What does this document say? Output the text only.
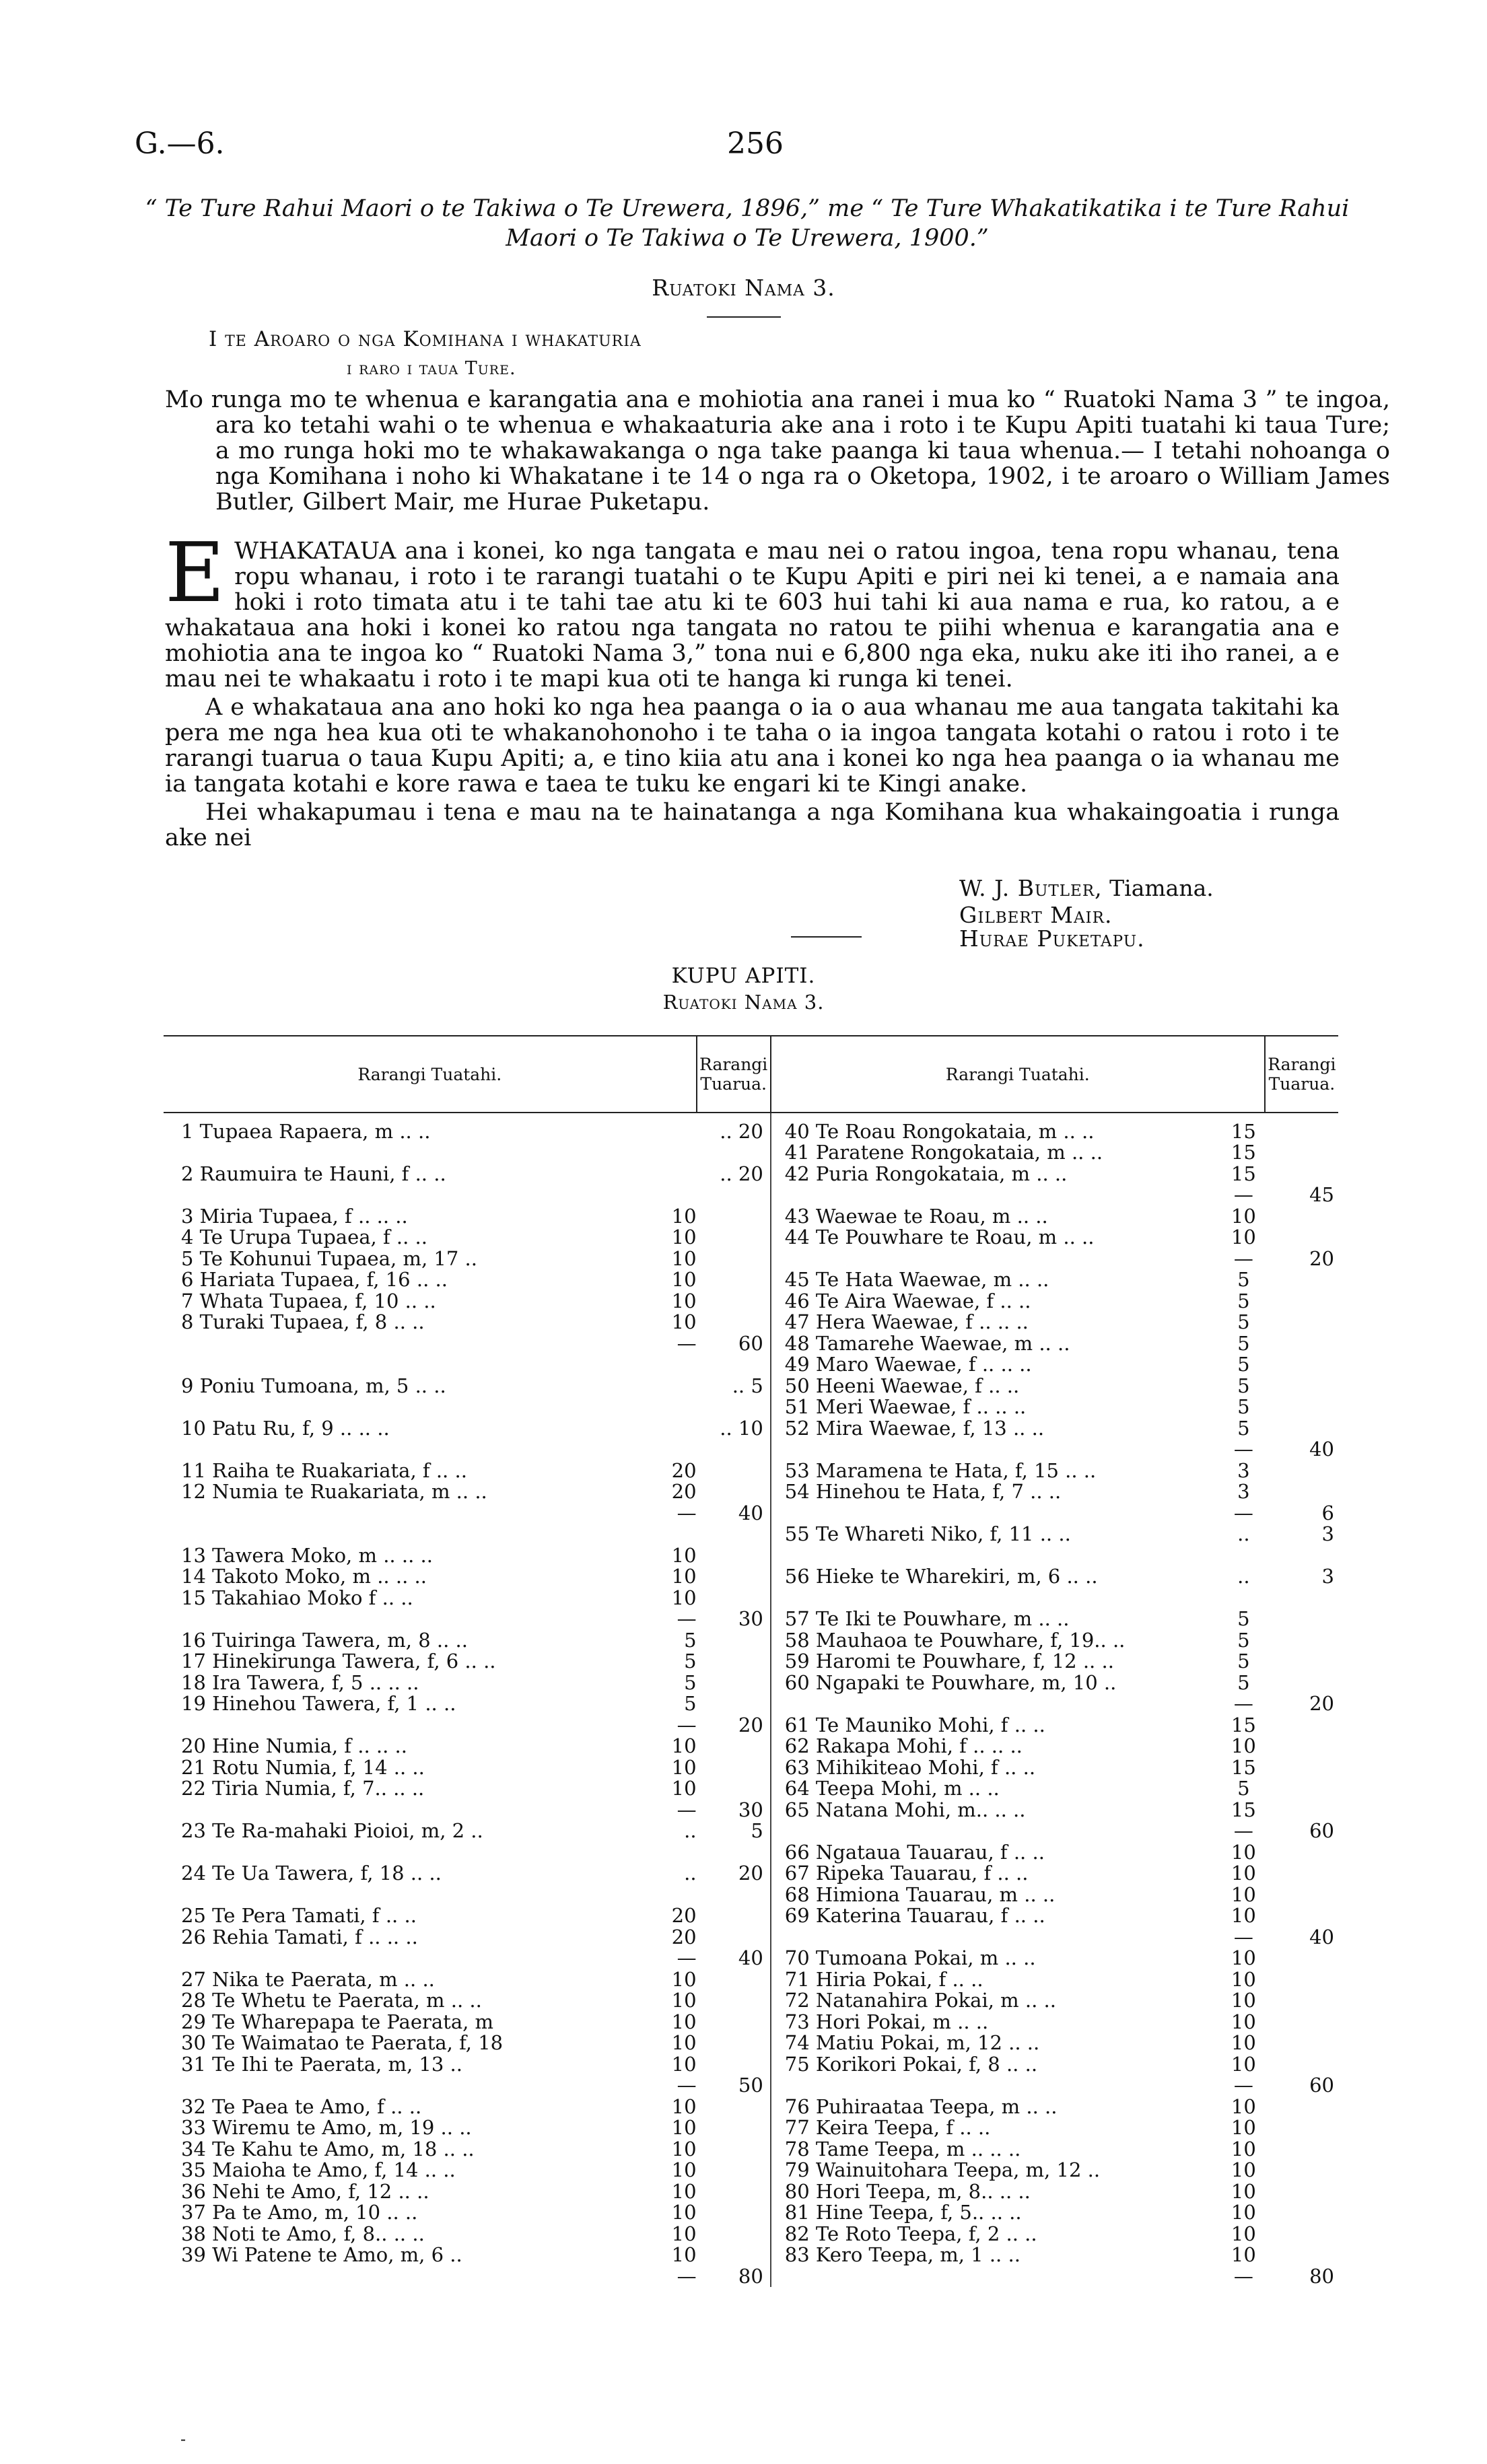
G.—6.	256
“ Te Ture Rahui Maori o te Takiwa o Te Urewera, 1896,” me “ Te Ture Whakatikatika i te Ture Rahui Maori o Te Takiwa o Te Urewera, 1900.”
Ruatoki Nama 3.
I te Aroaro o nga Komihana i whakaturia
i raro i taua Ture.
Mo runga mo te whenua e karangatia ana e mohiotia ana ranei i mua ko “ Ruatoki Nama 3 ” te ingoa, ara ko tetahi wahi o te whenua e whakaaturia ake ana i roto i te Kupu Apiti tuatahi ki taua Ture; a mo runga hoki mo te whakawakanga o nga take paanga ki taua whenua.— I tetahi nohoanga o nga Komihana i noho ki Whakatane i te 14 o nga ra o Oketopa, 1902, i te aroaro o William James Butler, Gilbert Mair, me Hurae Puketapu.
EWHAKATAUA ana i konei, ko nga tangata e mau nei o ratou ingoa, tena ropu whanau, tena ropu whanau, i roto i te rarangi tuatahi o te Kupu Apiti e piri nei ki tenei, a e namaia ana hoki i roto timata atu i te tahi tae atu ki te 603 hui tahi ki aua nama e rua, ko ratou, a e whakataua ana hoki i konei ko ratou nga tangata no ratou te piihi whenua e karangatia ana e mohiotia ana te ingoa ko “ Ruatoki Nama 3,” tona nui e 6,800 nga eka, nuku ake iti iho ranei, a e mau nei te whakaatu i roto i te mapi kua oti te hanga ki runga ki tenei.
A e whakataua ana ano hoki ko nga hea paanga o ia o aua whanau me aua tangata takitahi ka pera me nga hea kua oti te whakanohonoho i te taha o ia ingoa tangata kotahi o ratou i roto i te rarangi tuarua o taua Kupu Apiti; a, e tino kiia atu ana i konei ko nga hea paanga o ia whanau me ia tangata kotahi e kore rawa e taea te tuku ke engari ki te Kingi anake.
Hei whakapumau i tena e mau na te hainatanga a nga Komihana kua whakaingoatia i runga ake nei
W. J. Butler, Tiamana.
Gilbert Mair.
Hurae Puketapu.
KUPU APITI.
Ruatoki Nama 3.
Rarangi Tuatahi.		Rarangi Tuarua.	Rarangi Tuatahi.		Rarangi Tuarua.
1 Tupaea Rapaera, m .. ..		.. 20	40 Te Roau Rongokataia, m .. ..	15	
			41 Paratene Rongokataia, m .. ..	15	
2 Raumuira te Hauni, f .. ..		.. 20	42 Puria Rongokataia, m .. ..	15	
				—	45
3 Miria Tupaea, f .. .. ..	10		43 Waewae te Roau, m .. ..	10	
4 Te Urupa Tupaea, f .. ..	10		44 Te Pouwhare te Roau, m .. ..	10	
5 Te Kohunui Tupaea, m, 17 ..	10			—	20
6 Hariata Tupaea, f, 16 .. ..	10		45 Te Hata Waewae, m .. ..	5	
7 Whata Tupaea, f, 10 .. ..	10		46 Te Aira Waewae, f .. ..	5	
8 Turaki Tupaea, f, 8 .. ..	10		47 Hera Waewae, f .. .. ..	5	
	—	60	48 Tamarehe Waewae, m .. ..	5	
			49 Maro Waewae, f .. .. ..	5	
9 Poniu Tumoana, m, 5 .. ..		.. 5	50 Heeni Waewae, f .. ..	5	
			51 Meri Waewae, f .. .. ..	5	
10 Patu Ru, f, 9 .. .. ..		.. 10	52 Mira Waewae, f, 13 .. ..	5	
				—	40
11 Raiha te Ruakariata, f .. ..	20		53 Maramena te Hata, f, 15 .. ..	3	
12 Numia te Ruakariata, m .. ..	20		54 Hinehou te Hata, f, 7 .. ..	3	
	—	40		—	6
			55 Te Whareti Niko, f, 11 .. ..	..	3
13 Tawera Moko, m .. .. ..	10				
14 Takoto Moko, m .. .. ..	10		56 Hieke te Wharekiri, m, 6 .. ..	..	3
15 Takahiao Moko f .. ..	10				
	—	30	57 Te Iki te Pouwhare, m .. ..	5	
16 Tuiringa Tawera, m, 8 .. ..	5		58 Mauhaoa te Pouwhare, f, 19.. ..	5	
17 Hinekirunga Tawera, f, 6 .. ..	5		59 Haromi te Pouwhare, f, 12 .. ..	5	
18 Ira Tawera, f, 5 .. .. ..	5		60 Ngapaki te Pouwhare, m, 10 ..	5	
19 Hinehou Tawera, f, 1 .. ..	5			—	20
	—	20	61 Te Mauniko Mohi, f .. ..	15	
20 Hine Numia, f .. .. ..	10		62 Rakapa Mohi, f .. .. ..	10	
21 Rotu Numia, f, 14 .. ..	10		63 Mihikiteao Mohi, f .. ..	15	
22 Tiria Numia, f, 7.. .. ..	10		64 Teepa Mohi, m .. ..	5	
	—	30	65 Natana Mohi, m.. .. ..	15	
23 Te Ra-mahaki Pioioi, m, 2 ..	..	5		—	60
			66 Ngataua Tauarau, f .. ..	10	
24 Te Ua Tawera, f, 18 .. ..	..	20	67 Ripeka Tauarau, f .. ..	10	
			68 Himiona Tauarau, m .. ..	10	
25 Te Pera Tamati, f .. ..	20		69 Katerina Tauarau, f .. ..	10	
26 Rehia Tamati, f .. .. ..	20			—	40
	—	40	70 Tumoana Pokai, m .. ..	10	
27 Nika te Paerata, m .. ..	10		71 Hiria Pokai, f .. ..	10	
28 Te Whetu te Paerata, m .. ..	10		72 Natanahira Pokai, m .. ..	10	
29 Te Wharepapa te Paerata, m	10		73 Hori Pokai, m .. ..	10	
30 Te Waimatao te Paerata, f, 18	10		74 Matiu Pokai, m, 12 .. ..	10	
31 Te Ihi te Paerata, m, 13 ..	10		75 Korikori Pokai, f, 8 .. ..	10	
	—	50		—	60
32 Te Paea te Amo, f .. ..	10		76 Puhiraataa Teepa, m .. ..	10	
33 Wiremu te Amo, m, 19 .. ..	10		77 Keira Teepa, f .. ..	10	
34 Te Kahu te Amo, m, 18 .. ..	10		78 Tame Teepa, m .. .. ..	10	
35 Maioha te Amo, f, 14 .. ..	10		79 Wainuitohara Teepa, m, 12 ..	10	
36 Nehi te Amo, f, 12 .. ..	10		80 Hori Teepa, m, 8.. .. ..	10	
37 Pa te Amo, m, 10 .. ..	10		81 Hine Teepa, f, 5.. .. ..	10	
38 Noti te Amo, f, 8.. .. ..	10		82 Te Roto Teepa, f, 2 .. ..	10	
39 Wi Patene te Amo, m, 6 ..	10		83 Kero Teepa, m, 1 .. ..	10	
	—	80		—	80
-
